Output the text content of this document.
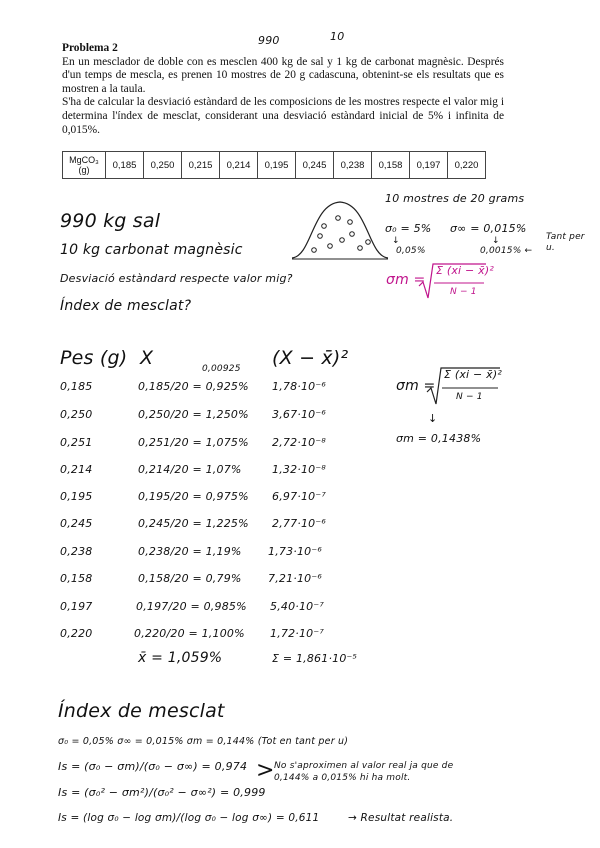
990	10

Problema 2

En un mesclador de doble con es mesclen 400 kg de sal y 1 kg de carbonat magnèsic. Després d'un temps de mescla, es prenen 10 mostres de 20 g cadascuna, obtenint-se els resultats que es mostren a la taula.

S'ha de calcular la desviació estàndard de les composicions de les mostres respecte el valor mig i determina l'índex de mesclat, considerant una desviació estàndard inicial de 5% i infinita de 0,015%.

MgCO₃ (g)	0,185	0,250	0,215	0,214	0,195	0,245	0,238	0,158	0,197	0,220
990 kg sal
10 kg carbonat magnèsic
Desviació estàndard respecte valor mig?
Índex de mesclat?
10 mostres de 20 grams
σ₀ = 5% σ∞ = 0,015%
↓
0,05%
↓
0,0015% ←
Tant per u.
σm =
Σ (xi − x̄)²
N − 1
Pes (g) X	0,00925 (X − x̄)²
0,185	0,185/20 = 0,925% 1,78·10⁻⁶
0,250	0,250/20 = 1,250% 3,67·10⁻⁶
0,251	0,251/20 = 1,075% 2,72·10⁻⁸
0,214	0,214/20 = 1,07%	1,32·10⁻⁸
0,195	0,195/20 = 0,975% 6,97·10⁻⁷
0,245	0,245/20 = 1,225% 2,77·10⁻⁶
0,238	0,238/20 = 1,19% 1,73·10⁻⁶
0,158	0,158/20 = 0,79% 7,21·10⁻⁶
0,197	0,197/20 = 0,985% 5,40·10⁻⁷
0,220	0,220/20 = 1,100% 1,72·10⁻⁷
x̄ = 1,059%	Σ = 1,861·10⁻⁵
σm =
Σ (xi − x̄)²
N − 1
↓
σm = 0,1438%
Índex de mesclat
σ₀ = 0,05% σ∞ = 0,015% σm = 0,144% (Tot en tant per u)
Is = (σ₀ − σm)/(σ₀ − σ∞) = 0,974
Is = (σ₀² − σm²)/(σ₀² − σ∞²) = 0,999
> No s'aproximen al valor real ja que de 0,144% a 0,015% hi ha molt.
Is = (log σ₀ − log σm)/(log σ₀ − log σ∞) = 0,611	→ Resultat realista.
